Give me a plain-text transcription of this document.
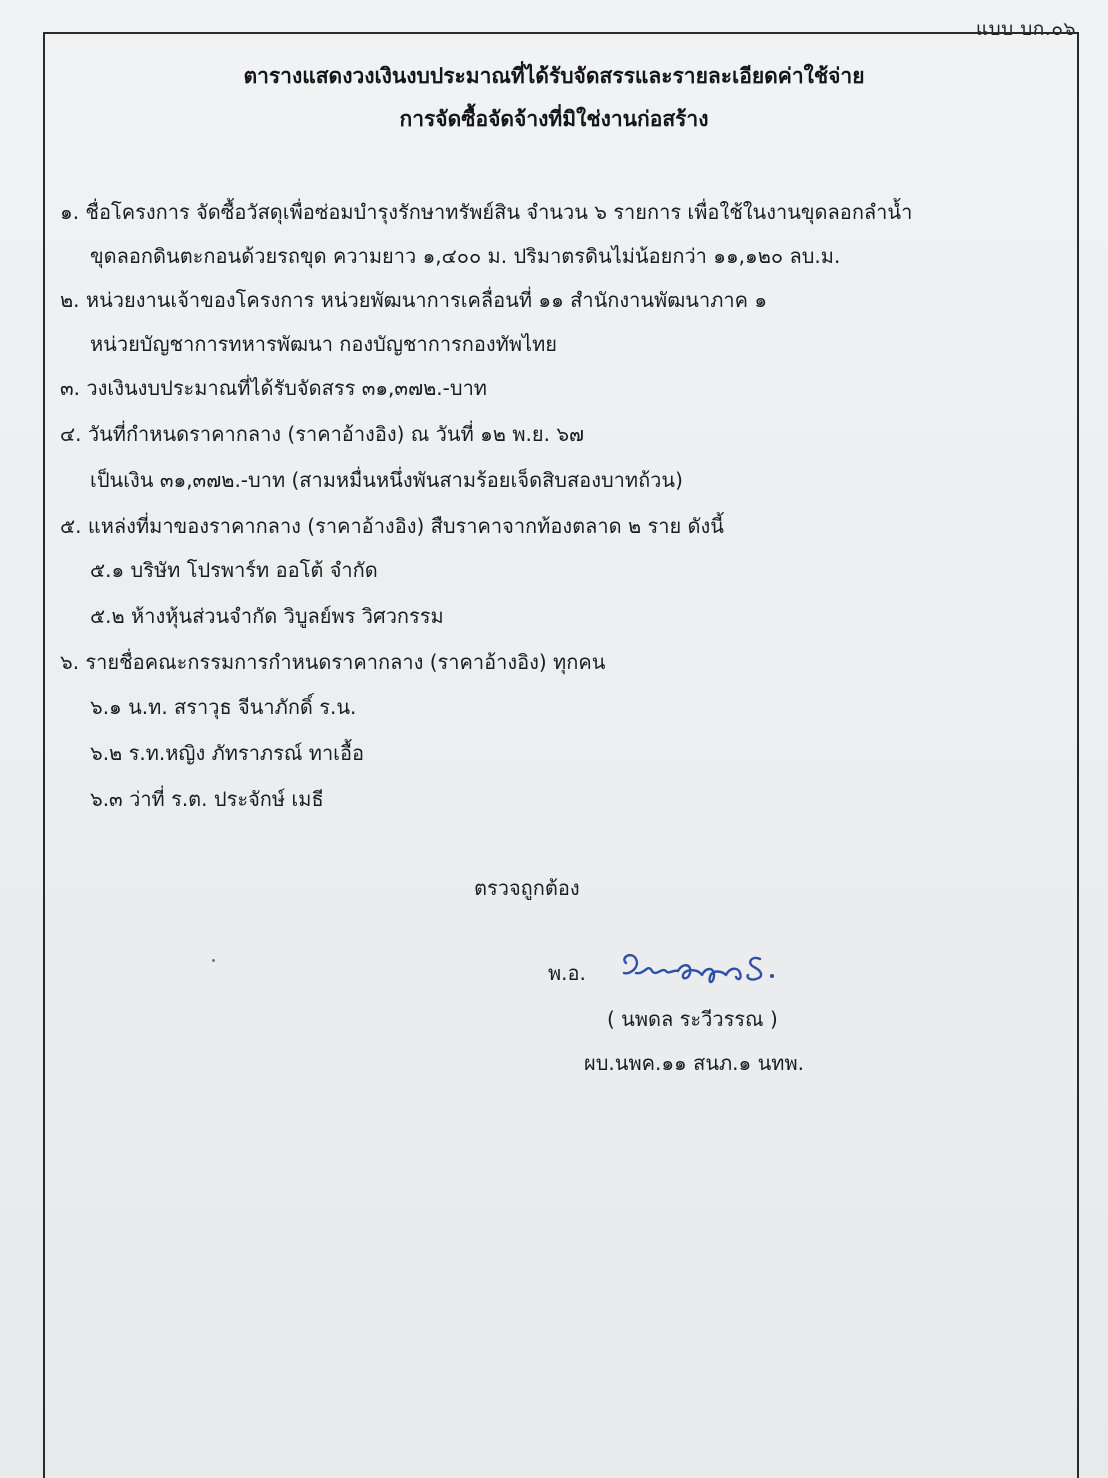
แบบ บก.๐๖
ตารางแสดงวงเงินงบประมาณที่ได้รับจัดสรรและรายละเอียดค่าใช้จ่าย
การจัดซื้อจัดจ้างที่มิใช่งานก่อสร้าง
๑. ชื่อโครงการ จัดซื้อวัสดุเพื่อซ่อมบำรุงรักษาทรัพย์สิน จำนวน ๖ รายการ เพื่อใช้ในงานขุดลอกลำน้ำ
ขุดลอกดินตะกอนด้วยรถขุด ความยาว ๑,๔๐๐ ม. ปริมาตรดินไม่น้อยกว่า ๑๑,๑๒๐ ลบ.ม.
๒. หน่วยงานเจ้าของโครงการ หน่วยพัฒนาการเคลื่อนที่ ๑๑ สำนักงานพัฒนาภาค ๑
หน่วยบัญชาการทหารพัฒนา กองบัญชาการกองทัพไทย
๓. วงเงินงบประมาณที่ได้รับจัดสรร ๓๑,๓๗๒.-บาท
๔. วันที่กำหนดราคากลาง (ราคาอ้างอิง) ณ วันที่ ๑๒ พ.ย. ๖๗
เป็นเงิน ๓๑,๓๗๒.-บาท (สามหมื่นหนึ่งพันสามร้อยเจ็ดสิบสองบาทถ้วน)
๕. แหล่งที่มาของราคากลาง (ราคาอ้างอิง) สืบราคาจากท้องตลาด ๒ ราย ดังนี้
๕.๑ บริษัท โปรพาร์ท ออโต้ จำกัด
๕.๒ ห้างหุ้นส่วนจำกัด วิบูลย์พร วิศวกรรม
๖. รายชื่อคณะกรรมการกำหนดราคากลาง (ราคาอ้างอิง) ทุกคน
๖.๑ น.ท. สราวุธ จีนาภักดิ์ ร.น.
๖.๒ ร.ท.หญิง ภัทราภรณ์ ทาเอื้อ
๖.๓ ว่าที่ ร.ต. ประจักษ์ เมธี
ตรวจถูกต้อง
พ.อ.
( นพดล ระวีวรรณ )
ผบ.นพค.๑๑ สนภ.๑ นทพ.
